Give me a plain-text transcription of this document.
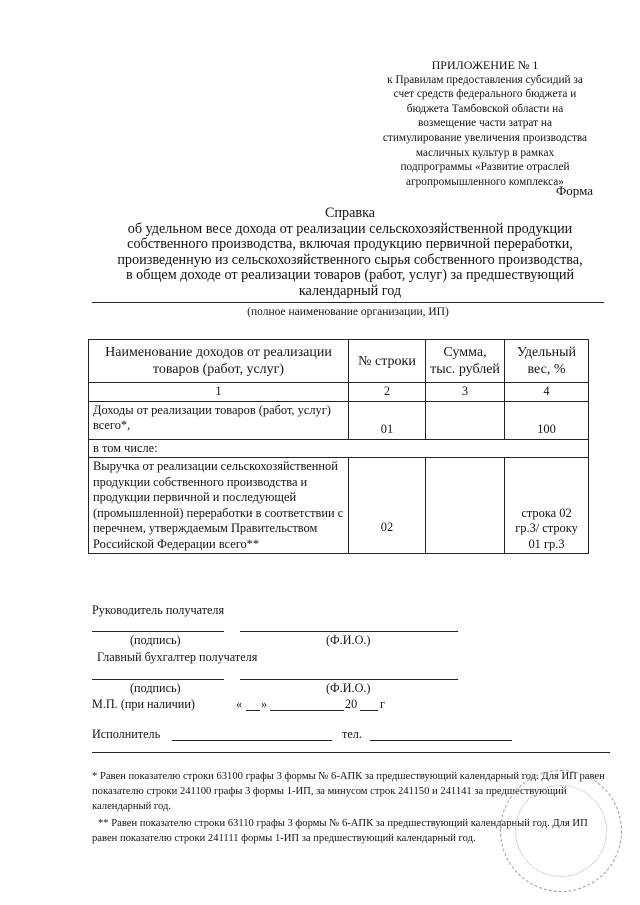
ПРИЛОЖЕНИЕ № 1
к Правилам предоставления субсидий за
счет средств федерального бюджета и
бюджета Тамбовской области на
возмещение части затрат на
стимулирование увеличения производства
масличных культур в рамках
подпрограммы «Развитие отраслей
агропромышленного комплекса»
Форма
Справка
об удельном весе дохода от реализации сельскохозяйственной продукции
собственного производства, включая продукцию первичной переработки,
произведенную из сельскохозяйственного сырья собственного производства,
в общем доходе от реализации товаров (работ, услуг) за предшествующий
календарный год
(полное наименование организации, ИП)
Наименование доходов от реализации товаров (работ, услуг)	№ строки	Сумма, тыс. рублей	Удельный вес, %
1	2	3	4
Доходы от реализации товаров (работ, услуг) всего*,	01		100
в том числе:			
Выручка от реализации сельскохозяйственной продукции собственного производства и продукции первичной и последующей (промышленной) переработки в соответствии с перечнем, утверждаемым Правительством Российской Федерации всего**	02		строка 02 гр.3/ строку 01 гр.3
Руководитель получателя
(подпись)	(Ф.И.О.)
Главный бухгалтер получателя
(подпись)	(Ф.И.О.)
М.П. (при наличии)	« »	20 г
Исполнитель	тел.
* Равен показателю строки 63100 графы 3 формы № 6-АПК за предшествующий календарный год. Для ИП равен показателю строки 241100 графы 3 формы 1-ИП, за минусом строк 241150 и 241141 за предшествующий календарный год.
** Равен показателю строки 63110 графы 3 формы № 6-АПК за предшествующий календарный год. Для ИП равен показателю строки 241111 формы 1-ИП за предшествующий календарный год.
